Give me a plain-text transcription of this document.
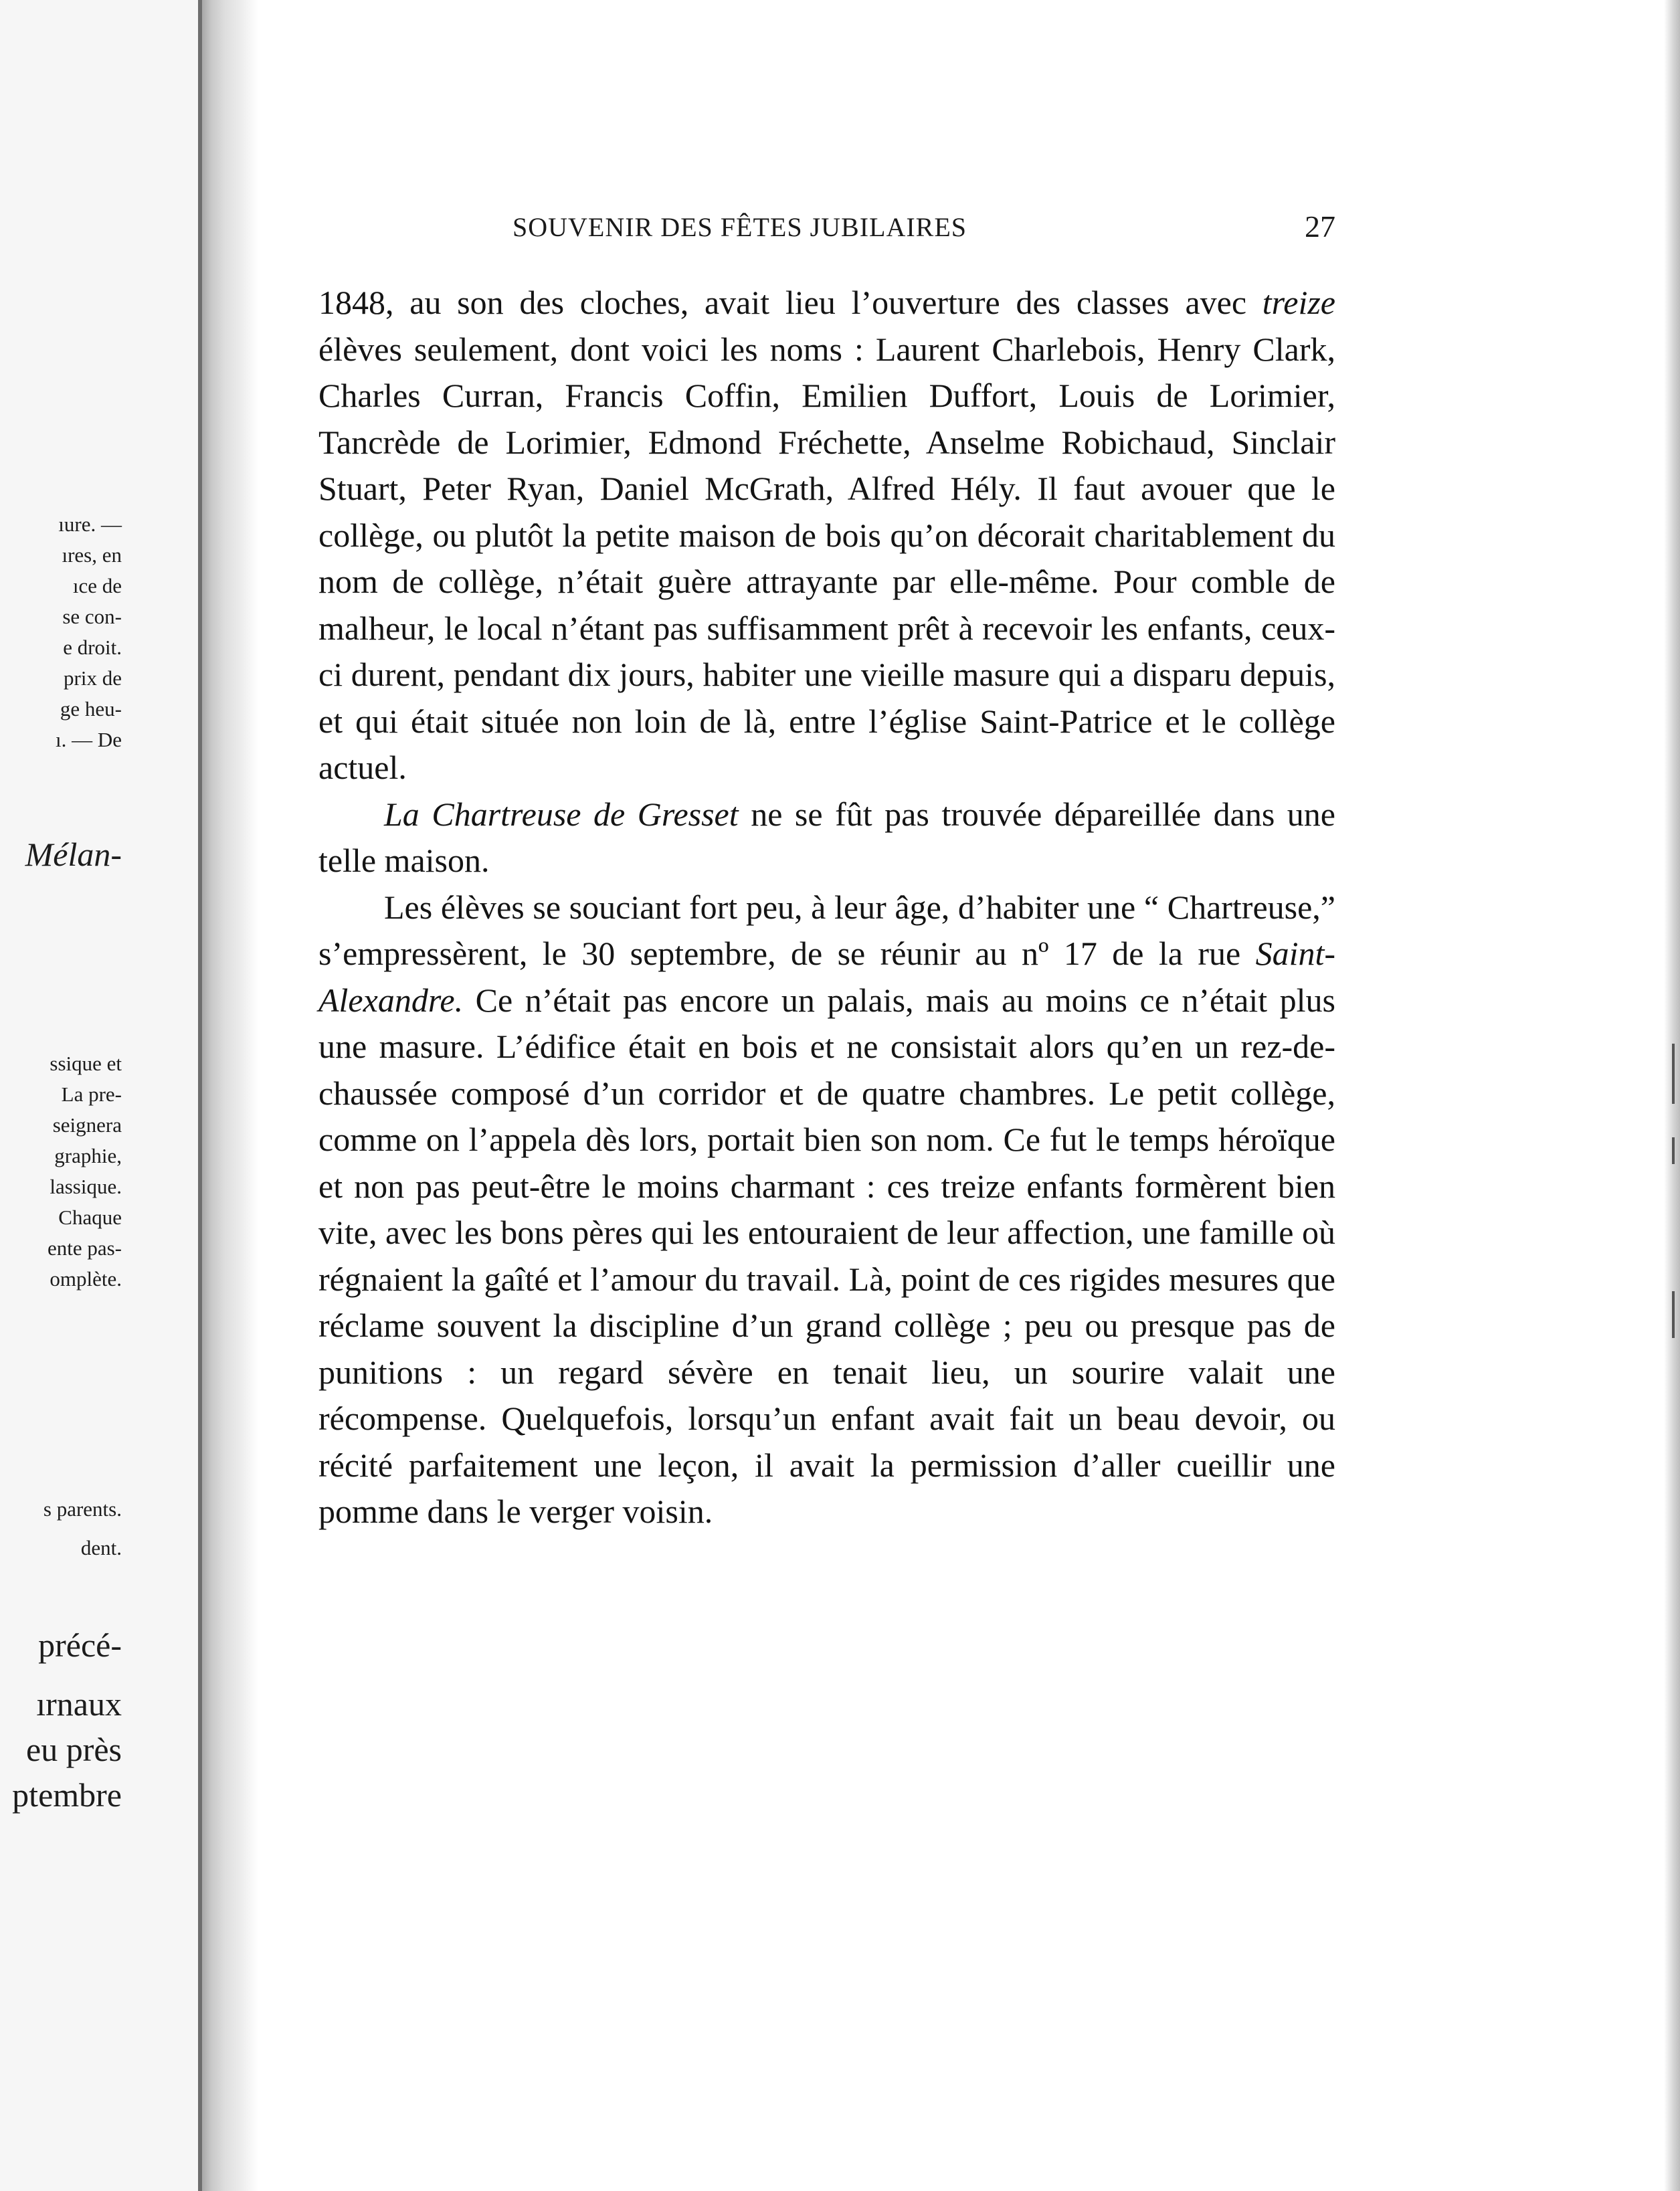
ıure. —
ıres, en
ıce de
se con-
e droit.
prix de
ge heu-
ı. — De
Mélan-
ssique et
La pre-
seignera
graphie,
lassique.
Chaque
ente pas-
omplète.
s parents.
dent.
précé-
ırnaux
eu près
ptembre
SOUVENIR DES FÊTES JUBILAIRES	27

1848, au son des cloches, avait lieu l’ouverture des classes avec treize élèves seulement, dont voici les noms : Laurent Charlebois, Henry Clark, Charles Curran, Francis Coffin, Emilien Duffort, Louis de Lorimier, Tancrède de Lorimier, Edmond Fréchette, Anselme Robichaud, Sinclair Stuart, Peter Ryan, Daniel McGrath, Alfred Hély. Il faut avouer que le collège, ou plutôt la petite maison de bois qu’on décorait charitablement du nom de collège, n’était guère attrayante par elle-même. Pour comble de malheur, le local n’étant pas suffisamment prêt à recevoir les enfants, ceux-ci durent, pendant dix jours, habiter une vieille masure qui a disparu depuis, et qui était située non loin de là, entre l’église Saint-Patrice et le collège actuel.

La Chartreuse de Gresset ne se fût pas trouvée dépareillée dans une telle maison.

Les élèves se souciant fort peu, à leur âge, d’habiter une “ Chartreuse,” s’empressèrent, le 30 septembre, de se réunir au nº 17 de la rue Saint-Alexandre. Ce n’était pas encore un palais, mais au moins ce n’était plus une masure. L’édifice était en bois et ne consistait alors qu’en un rez-de-chaussée composé d’un corridor et de quatre chambres. Le petit collège, comme on l’appela dès lors, portait bien son nom. Ce fut le temps héroïque et non pas peut-être le moins charmant : ces treize enfants formèrent bien vite, avec les bons pères qui les entouraient de leur affection, une famille où régnaient la gaîté et l’amour du travail. Là, point de ces rigides mesures que réclame souvent la discipline d’un grand collège ; peu ou presque pas de punitions : un regard sévère en tenait lieu, un sourire valait une récompense. Quelquefois, lorsqu’un enfant avait fait un beau devoir, ou récité parfaitement une leçon, il avait la permission d’aller cueillir une pomme dans le verger voisin.
